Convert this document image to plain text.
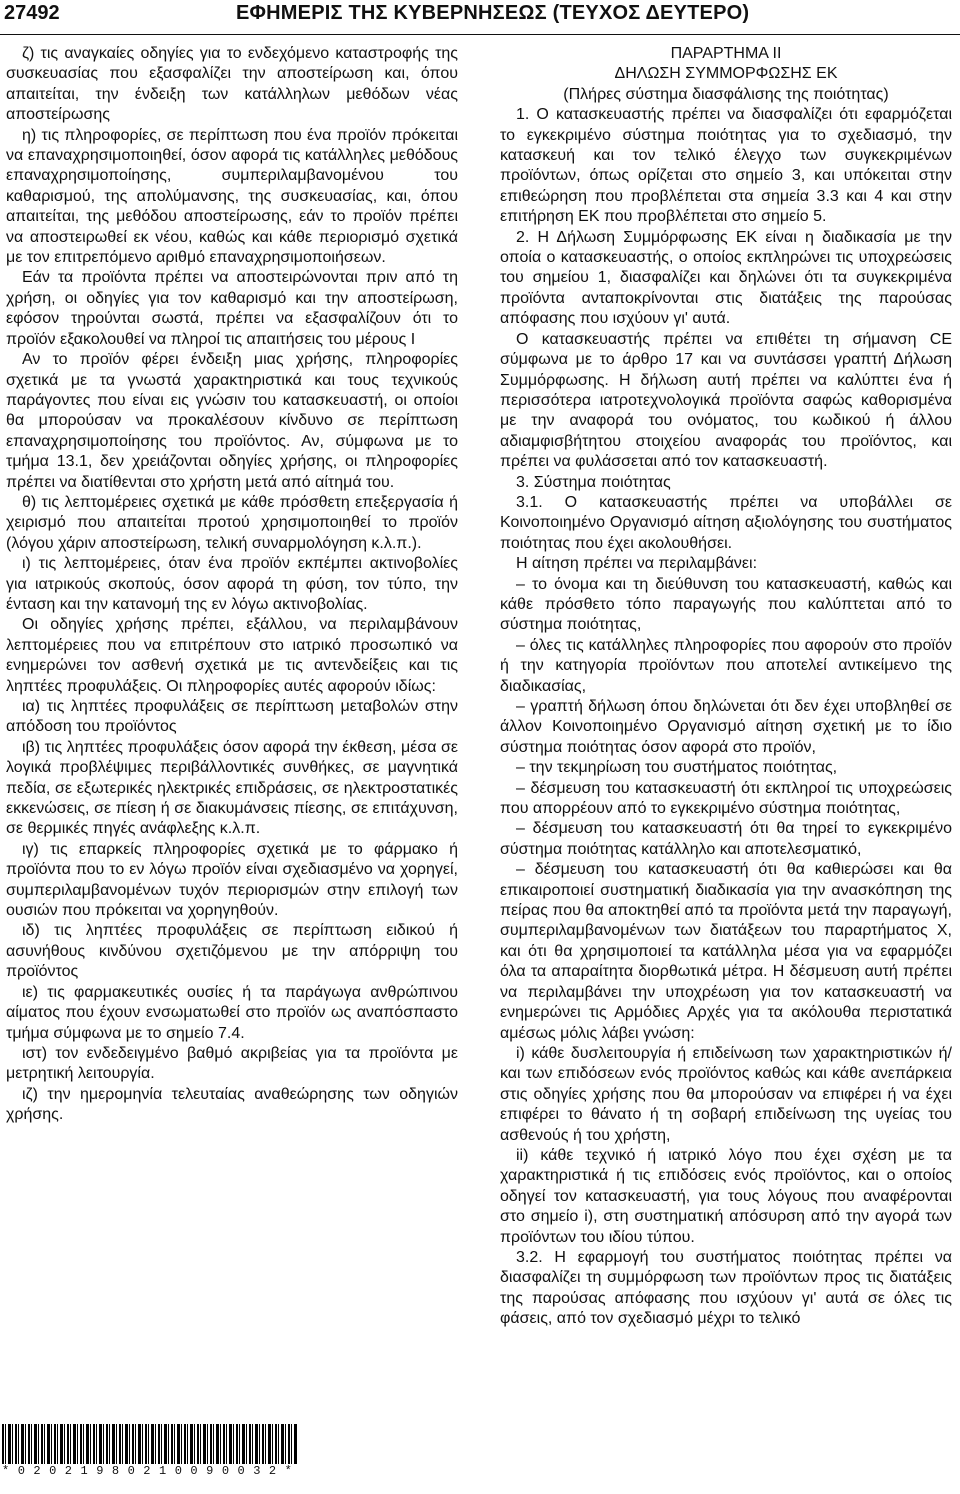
27492	ΕΦΗΜΕΡΙΣ ΤΗΣ ΚΥΒΕΡΝΗΣΕΩΣ (ΤΕΥΧΟΣ ΔΕΥΤΕΡΟ)

ζ) τις αναγκαίες οδηγίες για το ενδεχόμενο καταστροφής της συσκευασίας που εξασφαλίζει την αποστείρωση και, όπου απαιτείται, την ένδειξη των κατάλληλων μεθόδων νέας αποστείρωσης

η) τις πληροφορίες, σε περίπτωση που ένα προϊόν πρόκειται να επαναχρησιμοποιηθεί, όσον αφορά τις κατάλληλες μεθόδους επαναχρησιμοποίησης, συμπεριλαμβανομένου του καθαρισμού, της απολύμανσης, της συσκευασίας, και, όπου απαιτείται, της μεθόδου αποστείρωσης, εάν το προϊόν πρέπει να αποστειρωθεί εκ νέου, καθώς και κάθε περιορισμό σχετικά με τον επιτρεπόμενο αριθμό επαναχρησιμοποιήσεων.

Εάν τα προϊόντα πρέπει να αποστειρώνονται πριν από τη χρήση, οι οδηγίες για τον καθαρισμό και την αποστείρωση, εφόσον τηρούνται σωστά, πρέπει να εξασφαλίζουν ότι το προϊόν εξακολουθεί να πληροί τις απαιτήσεις του μέρους Ι

Αν το προϊόν φέρει ένδειξη μιας χρήσης, πληροφορίες σχετικά με τα γνωστά χαρακτηριστικά και τους τεχνικούς παράγοντες που είναι εις γνώσιν του κατασκευαστή, οι οποίοι θα μπορούσαν να προκαλέσουν κίνδυνο σε περίπτωση επαναχρησιμοποίησης του προϊόντος. Αν, σύμφωνα με το τμήμα 13.1, δεν χρειάζονται οδηγίες χρήσης, οι πληροφορίες πρέπει να διατίθενται στο χρήστη μετά από αίτημά του.

θ) τις λεπτομέρειες σχετικά με κάθε πρόσθετη επεξεργασία ή χειρισμό που απαιτείται προτού χρησιμοποιηθεί το προϊόν (λόγου χάριν αποστείρωση, τελική συναρμολόγηση κ.λ.π.).

ι) τις λεπτομέρειες, όταν ένα προϊόν εκπέμπει ακτινοβολίες για ιατρικούς σκοπούς, όσον αφορά τη φύση, τον τύπο, την ένταση και την κατανομή της εν λόγω ακτινοβολίας.

Οι οδηγίες χρήσης πρέπει, εξάλλου, να περιλαμβάνουν λεπτομέρειες που να επιτρέπουν στο ιατρικό προσωπικό να ενημερώνει τον ασθενή σχετικά με τις αντενδείξεις και τις ληπτέες προφυλάξεις. Οι πληροφορίες αυτές αφορούν ιδίως:

ια) τις ληπτέες προφυλάξεις σε περίπτωση μεταβολών στην απόδοση του προϊόντος

ιβ) τις ληπτέες προφυλάξεις όσον αφορά την έκθεση, μέσα σε λογικά προβλέψιμες περιβάλλοντικές συνθήκες, σε μαγνητικά πεδία, σε εξωτερικές ηλεκτρικές επιδράσεις, σε ηλεκτροστατικές εκκενώσεις, σε πίεση ή σε διακυμάνσεις πίεσης, σε επιτάχυνση, σε θερμικές πηγές ανάφλεξης κ.λ.π.

ιγ) τις επαρκείς πληροφορίες σχετικά με το φάρμακο ή προϊόντα που το εν λόγω προϊόν είναι σχεδιασμένο να χορηγεί, συμπεριλαμβανομένων τυχόν περιορισμών στην επιλογή των ουσιών που πρόκειται να χορηγηθούν.

ιδ) τις ληπτέες προφυλάξεις σε περίπτωση ειδικού ή ασυνήθους κινδύνου σχετιζόμενου με την απόρριψη του προϊόντος

ιε) τις φαρμακευτικές ουσίες ή τα παράγωγα ανθρώπινου αίματος που έχουν ενσωματωθεί στο προϊόν ως αναπόσπαστο τμήμα σύμφωνα με το σημείο 7.4.

ιστ) τον ενδεδειγμένο βαθμό ακριβείας για τα προϊόντα με μετρητική λειτουργία.

ιζ) την ημερομηνία τελευταίας αναθεώρησης των οδηγιών χρήσης.

ΠΑΡΑΡΤΗΜΑ ΙΙ
ΔΗΛΩΣΗ ΣΥΜΜΟΡΦΩΣΗΣ ΕΚ
(Πλήρες σύστημα διασφάλισης της ποιότητας)

1. Ο κατασκευαστής πρέπει να διασφαλίζει ότι εφαρμόζεται το εγκεκριμένο σύστημα ποιότητας για το σχεδιασμό, την κατασκευή και τον τελικό έλεγχο των συγκεκριμένων προϊόντων, όπως ορίζεται στο σημείο 3, και υπόκειται στην επιθεώρηση που προβλέπεται στα σημεία 3.3 και 4 και στην επιτήρηση ΕΚ που προβλέπεται στο σημείο 5.

2. Η Δήλωση Συμμόρφωσης ΕΚ είναι η διαδικασία με την οποία ο κατασκευαστής, ο οποίος εκπληρώνει τις υποχρεώσεις του σημείου 1, διασφαλίζει και δηλώνει ότι τα συγκεκριμένα προϊόντα ανταποκρίνονται στις διατάξεις της παρούσας απόφασης που ισχύουν γι' αυτά.

Ο κατασκευαστής πρέπει να επιθέτει τη σήμανση CE σύμφωνα με το άρθρο 17 και να συντάσσει γραπτή Δήλωση Συμμόρφωσης. Η δήλωση αυτή πρέπει να καλύπτει ένα ή περισσότερα ιατροτεχνολογικά προϊόντα σαφώς καθορισμένα με την αναφορά του ονόματος, του κωδικού ή άλλου αδιαμφισβήτητου στοιχείου αναφοράς του προϊόντος, και πρέπει να φυλάσσεται από τον κατασκευαστή.

3. Σύστημα ποιότητας

3.1. Ο κατασκευαστής πρέπει να υποβάλλει σε Κοινοποιημένο Οργανισμό αίτηση αξιολόγησης του συστήματος ποιότητας που έχει ακολουθήσει.

Η αίτηση πρέπει να περιλαμβάνει:

– το όνομα και τη διεύθυνση του κατασκευαστή, καθώς και κάθε πρόσθετο τόπο παραγωγής που καλύπτεται από το σύστημα ποιότητας,

– όλες τις κατάλληλες πληροφορίες που αφορούν στο προϊόν ή την κατηγορία προϊόντων που αποτελεί αντικείμενο της διαδικασίας,

– γραπτή δήλωση όπου δηλώνεται ότι δεν έχει υποβληθεί σε άλλον Κοινοποιημένο Οργανισμό αίτηση σχετική με το ίδιο σύστημα ποιότητας όσον αφορά στο προϊόν,

– την τεκμηρίωση του συστήματος ποιότητας,

– δέσμευση του κατασκευαστή ότι εκπληροί τις υποχρεώσεις που απορρέουν από το εγκεκριμένο σύστημα ποιότητας,

– δέσμευση του κατασκευαστή ότι θα τηρεί το εγκεκριμένο σύστημα ποιότητας κατάλληλο και αποτελεσματικό,

– δέσμευση του κατασκευαστή ότι θα καθιερώσει και θα επικαιροποιεί συστηματική διαδικασία για την ανασκόπηση της πείρας που θα αποκτηθεί από τα προϊόντα μετά την παραγωγή, συμπεριλαμβανομένων των διατάξεων του παραρτήματος Χ, και ότι θα χρησιμοποιεί τα κατάλληλα μέσα για να εφαρμόζει όλα τα απαραίτητα διορθωτικά μέτρα. Η δέσμευση αυτή πρέπει να περιλαμβάνει την υποχρέωση για τον κατασκευαστή να ενημερώνει τις Αρμόδιες Αρχές για τα ακόλουθα περιστατικά αμέσως μόλις λάβει γνώση:

i) κάθε δυσλειτουργία ή επιδείνωση των χαρακτηριστικών ή/και των επιδόσεων ενός προϊόντος καθώς και κάθε ανεπάρκεια στις οδηγίες χρήσης που θα μπορούσαν να επιφέρει ή να έχει επιφέρει το θάνατο ή τη σοβαρή επιδείνωση της υγείας του ασθενούς ή του χρήστη,

ii) κάθε τεχνικό ή ιατρικό λόγο που έχει σχέση με τα χαρακτηριστικά ή τις επιδόσεις ενός προϊόντος, και ο οποίος οδηγεί τον κατασκευαστή, για τους λόγους που αναφέρονται στο σημείο i), στη συστηματική απόσυρση από την αγορά των προϊόντων του ιδίου τύπου.

3.2. Η εφαρμογή του συστήματος ποιότητας πρέπει να διασφαλίζει τη συμμόρφωση των προϊόντων προς τις διατάξεις της παρούσας απόφασης που ισχύουν γι' αυτά σε όλες τις φάσεις, από τον σχεδιασμό μέχρι το τελικό

*02021980210090032*
